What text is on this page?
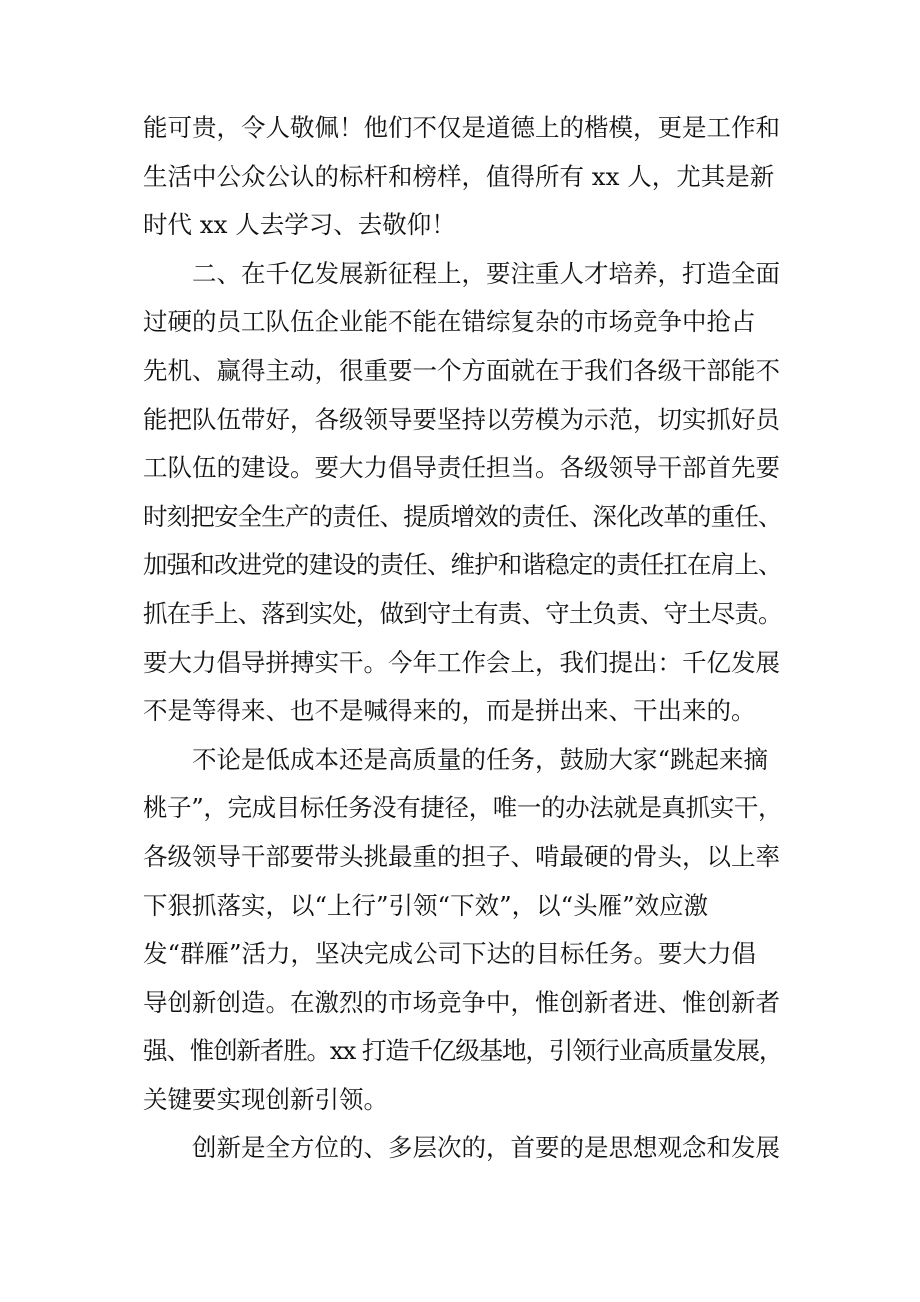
能可贵，令人敬佩！他们不仅是道德上的楷模，更是工作和
生活中公众公认的标杆和榜样，值得所有 xx 人，尤其是新
时代 xx 人去学习、去敬仰！
二、在千亿发展新征程上，要注重人才培养，打造全面
过硬的员工队伍企业能不能在错综复杂的市场竞争中抢占
先机、赢得主动，很重要一个方面就在于我们各级干部能不
能把队伍带好，各级领导要坚持以劳模为示范，切实抓好员
工队伍的建设。要大力倡导责任担当。各级领导干部首先要
时刻把安全生产的责任、提质增效的责任、深化改革的重任、
加强和改进党的建设的责任、维护和谐稳定的责任扛在肩上、
抓在手上、落到实处，做到守土有责、守土负责、守土尽责。
要大力倡导拼搏实干。今年工作会上，我们提出：千亿发展
不是等得来、也不是喊得来的，而是拼出来、干出来的。
不论是低成本还是高质量的任务，鼓励大家“跳起来摘
桃子”，完成目标任务没有捷径，唯一的办法就是真抓实干，
各级领导干部要带头挑最重的担子、啃最硬的骨头，以上率
下狠抓落实，以“上行”引领“下效”，以“头雁”效应激
发“群雁”活力，坚决完成公司下达的目标任务。要大力倡
导创新创造。在激烈的市场竞争中，惟创新者进、惟创新者
强、惟创新者胜。xx 打造千亿级基地，引领行业高质量发展，
关键要实现创新引领。
创新是全方位的、多层次的，首要的是思想观念和发展
